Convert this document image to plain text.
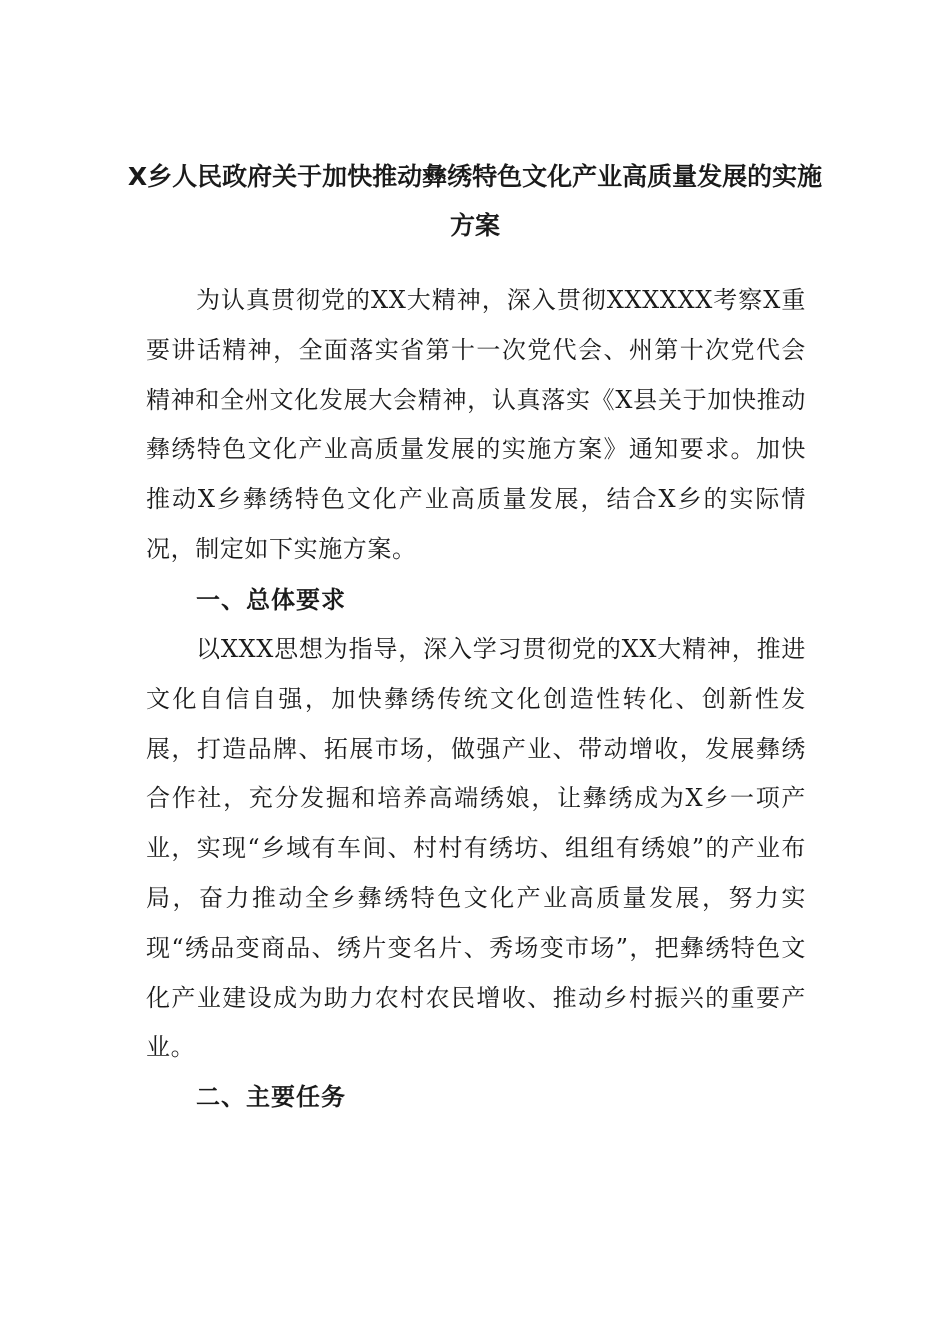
X乡人民政府关于加快推动彝绣特色文化产业高质量发展的实施方案

为认真贯彻党的XX大精神，深入贯彻XXXXXX考察X重要讲话精神，全面落实省第十一次党代会、州第十次党代会精神和全州文化发展大会精神，认真落实《X县关于加快推动彝绣特色文化产业高质量发展的实施方案》通知要求。加快推动X乡彝绣特色文化产业高质量发展，结合X乡的实际情况，制定如下实施方案。

一、总体要求

以XXX思想为指导，深入学习贯彻党的XX大精神，推进文化自信自强，加快彝绣传统文化创造性转化、创新性发展，打造品牌、拓展市场，做强产业、带动增收，发展彝绣合作社，充分发掘和培养高端绣娘，让彝绣成为X乡一项产业，实现“乡域有车间、村村有绣坊、组组有绣娘”的产业布局，奋力推动全乡彝绣特色文化产业高质量发展，努力实现“绣品变商品、绣片变名片、秀场变市场”，把彝绣特色文化产业建设成为助力农村农民增收、推动乡村振兴的重要产业。

二、主要任务
